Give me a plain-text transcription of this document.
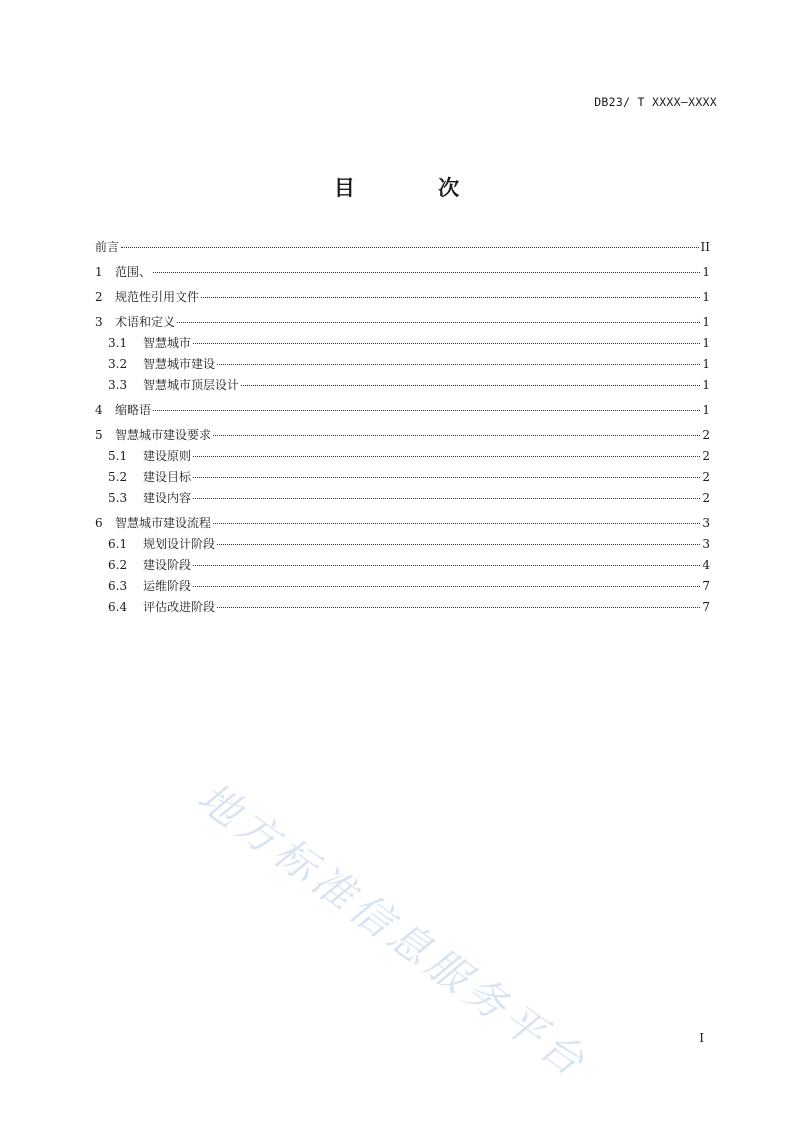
DB23/ T XXXX—XXXX
目 次
前言	II
1	范围、	1
2	规范性引用文件	1
3	术语和定义	1
3.1	智慧城市	1
3.2	智慧城市建设	1
3.3	智慧城市顶层设计	1
4	缩略语	1
5	智慧城市建设要求	2
5.1	建设原则	2
5.2	建设目标	2
5.3	建设内容	2
6	智慧城市建设流程	3
6.1	规划设计阶段	3
6.2	建设阶段	4
6.3	运维阶段	7
6.4	评估改进阶段	7
地方标准信息服务平台	I
